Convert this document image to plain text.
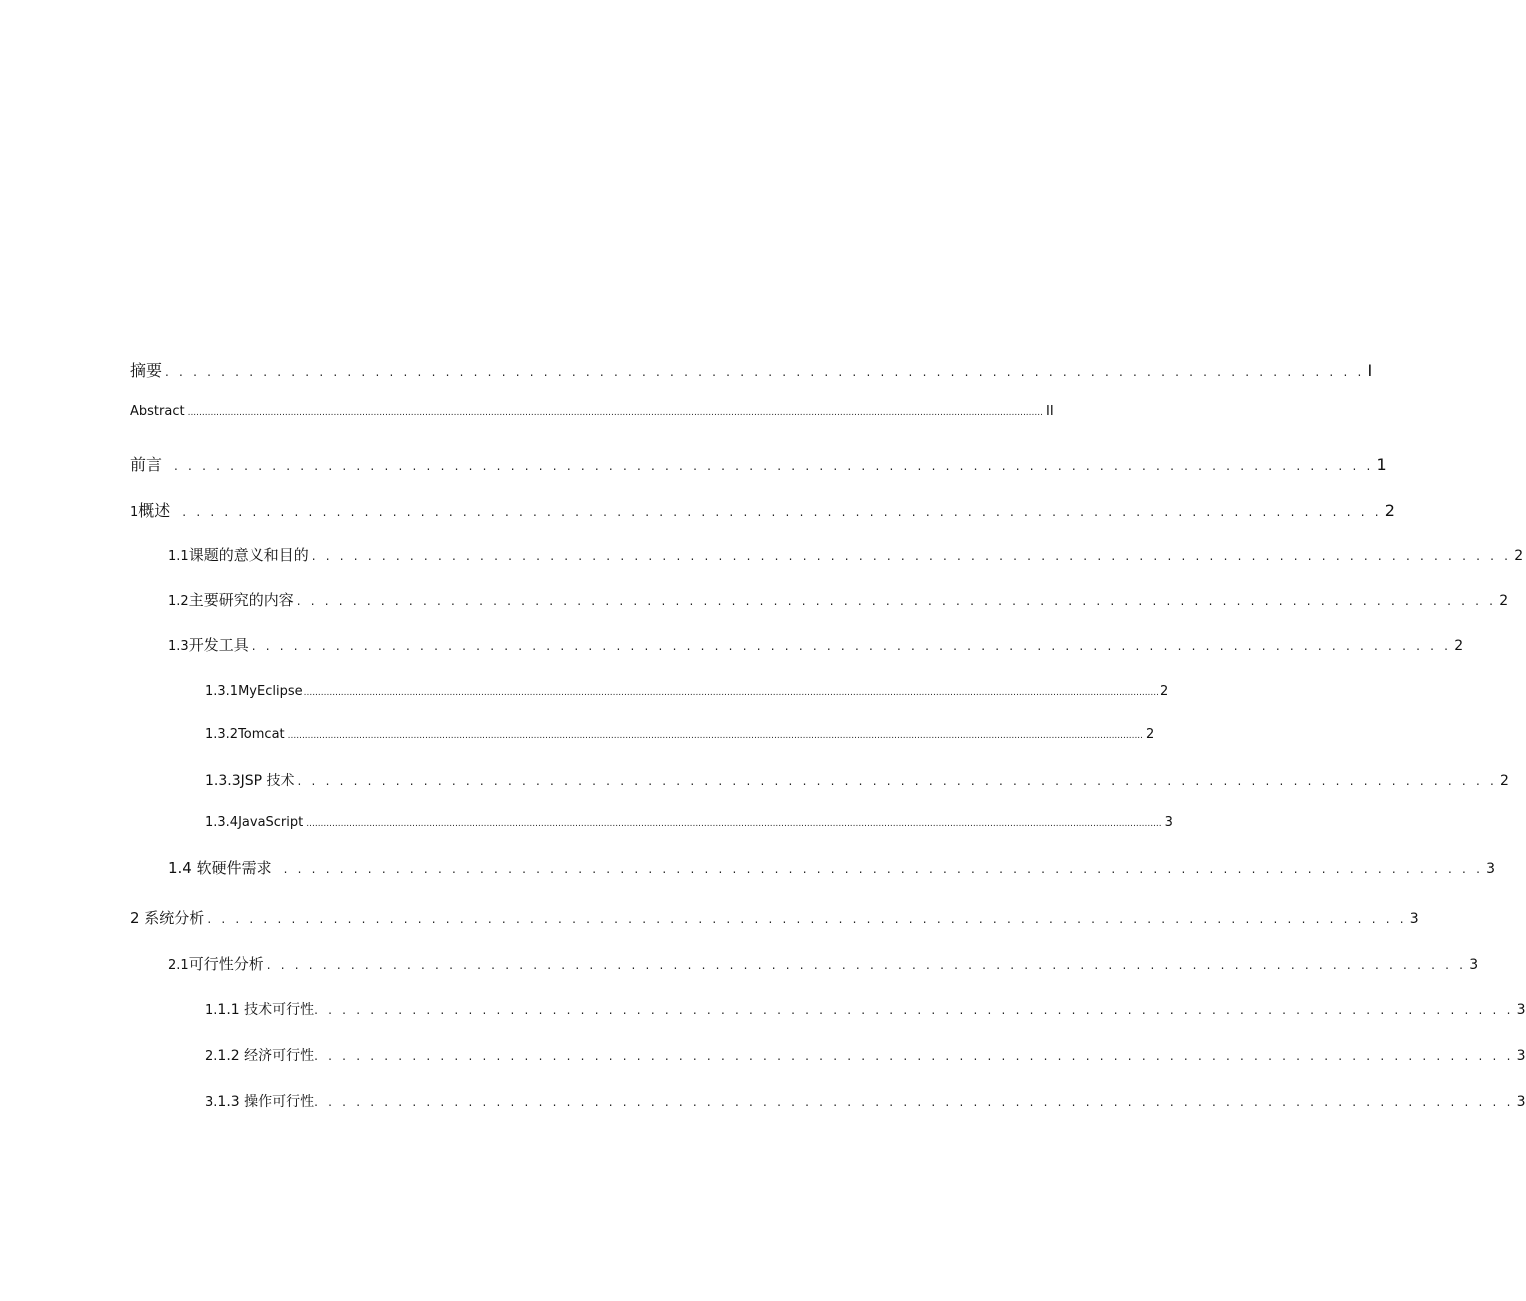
摘要 . . . . . . . . . . . . . . . . . . . . . . . . . . . . . . . . . . . . . . . . . . . . . . . . . . . . . . . . . . . . . . . . . . . . . . . . . . . . . . . . . . . . . . I
Abstract ........................................................................................................................................................................................................................................................................................................... II
前言 . . . . . . . . . . . . . . . . . . . . . . . . . . . . . . . . . . . . . . . . . . . . . . . . . . . . . . . . . . . . . . . . . . . . . . . . . . . . . . . . . . . . . . 1
1 概述 . . . . . . . . . . . . . . . . . . . . . . . . . . . . . . . . . . . . . . . . . . . . . . . . . . . . . . . . . . . . . . . . . . . . . . . . . . . . . . . . . . . . . . 2
1.1 课题的意义和目的 . . . . . . . . . . . . . . . . . . . . . . . . . . . . . . . . . . . . . . . . . . . . . . . . . . . . . . . . . . . . . . . . . . . . . . . . . . . . . . . . . . . . . . 2
1.2 主要研究的内容 . . . . . . . . . . . . . . . . . . . . . . . . . . . . . . . . . . . . . . . . . . . . . . . . . . . . . . . . . . . . . . . . . . . . . . . . . . . . . . . . . . . . . . 2
1.3 开发工具 . . . . . . . . . . . . . . . . . . . . . . . . . . . . . . . . . . . . . . . . . . . . . . . . . . . . . . . . . . . . . . . . . . . . . . . . . . . . . . . . . . . . . . 2
1. 3.1MyEclipse ........................................................................................................................................................................................................................................................................................................... 2
1.3.2Tomcat ........................................................................................................................................................................................................................................................................................................... 2
1.3.3JSP 技术 . . . . . . . . . . . . . . . . . . . . . . . . . . . . . . . . . . . . . . . . . . . . . . . . . . . . . . . . . . . . . . . . . . . . . . . . . . . . . . . . . . . . . . 2
1.3.4JavaScript ........................................................................................................................................................................................................................................................................................................... 3
1.4 软硬件需求 . . . . . . . . . . . . . . . . . . . . . . . . . . . . . . . . . . . . . . . . . . . . . . . . . . . . . . . . . . . . . . . . . . . . . . . . . . . . . . . . . . . . . . 3
2 系统分析 . . . . . . . . . . . . . . . . . . . . . . . . . . . . . . . . . . . . . . . . . . . . . . . . . . . . . . . . . . . . . . . . . . . . . . . . . . . . . . . . . . . . . . 3
2.1 可行性分析 . . . . . . . . . . . . . . . . . . . . . . . . . . . . . . . . . . . . . . . . . . . . . . . . . . . . . . . . . . . . . . . . . . . . . . . . . . . . . . . . . . . . . . 3
1. 1.1 技术可行性 . . . . . . . . . . . . . . . . . . . . . . . . . . . . . . . . . . . . . . . . . . . . . . . . . . . . . . . . . . . . . . . . . . . . . . . . . . . . . . . . . . . . . . 3
2. 1.2 经济可行性 . . . . . . . . . . . . . . . . . . . . . . . . . . . . . . . . . . . . . . . . . . . . . . . . . . . . . . . . . . . . . . . . . . . . . . . . . . . . . . . . . . . . . . 3
3. 1.3 操作可行性 . . . . . . . . . . . . . . . . . . . . . . . . . . . . . . . . . . . . . . . . . . . . . . . . . . . . . . . . . . . . . . . . . . . . . . . . . . . . . . . . . . . . . . 3
